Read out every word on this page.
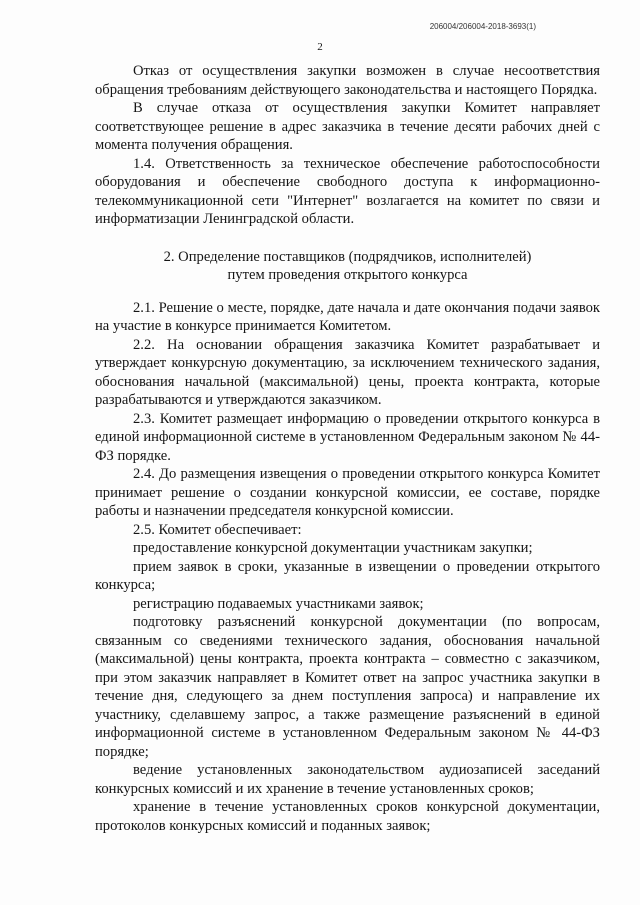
206004/206004-2018-3693(1)
2

Отказ от осуществления закупки возможен в случае несоответствия обращения требованиям действующего законодательства и настоящего Порядка.

В случае отказа от осуществления закупки Комитет направляет соответствующее решение в адрес заказчика в течение десяти рабочих дней с момента получения обращения.

1.4. Ответственность за техническое обеспечение работоспособности оборудования и обеспечение свободного доступа к информационно-телекоммуникационной сети "Интернет" возлагается на комитет по связи и информатизации Ленинградской области.

2. Определение поставщиков (подрядчиков, исполнителей)

путем проведения открытого конкурса

2.1. Решение о месте, порядке, дате начала и дате окончания подачи заявок на участие в конкурсе принимается Комитетом.

2.2. На основании обращения заказчика Комитет разрабатывает и утверждает конкурсную документацию, за исключением технического задания, обоснования начальной (максимальной) цены, проекта контракта, которые разрабатываются и утверждаются заказчиком.

2.3. Комитет размещает информацию о проведении открытого конкурса в единой информационной системе в установленном Федеральным законом № 44-ФЗ порядке.

2.4. До размещения извещения о проведении открытого конкурса Комитет принимает решение о создании конкурсной комиссии, ее составе, порядке работы и назначении председателя конкурсной комиссии.

2.5. Комитет обеспечивает:

предоставление конкурсной документации участникам закупки;

прием заявок в сроки, указанные в извещении о проведении открытого конкурса;

регистрацию подаваемых участниками заявок;

подготовку разъяснений конкурсной документации (по вопросам, связанным со сведениями технического задания, обоснования начальной (максимальной) цены контракта, проекта контракта – совместно с заказчиком, при этом заказчик направляет в Комитет ответ на запрос участника закупки в течение дня, следующего за днем поступления запроса) и направление их участнику, сделавшему запрос, а также размещение разъяснений в единой информационной системе в установленном Федеральным законом № 44-ФЗ порядке;

ведение установленных законодательством аудиозаписей заседаний конкурсных комиссий и их хранение в течение установленных сроков;

хранение в течение установленных сроков конкурсной документации, протоколов конкурсных комиссий и поданных заявок;
